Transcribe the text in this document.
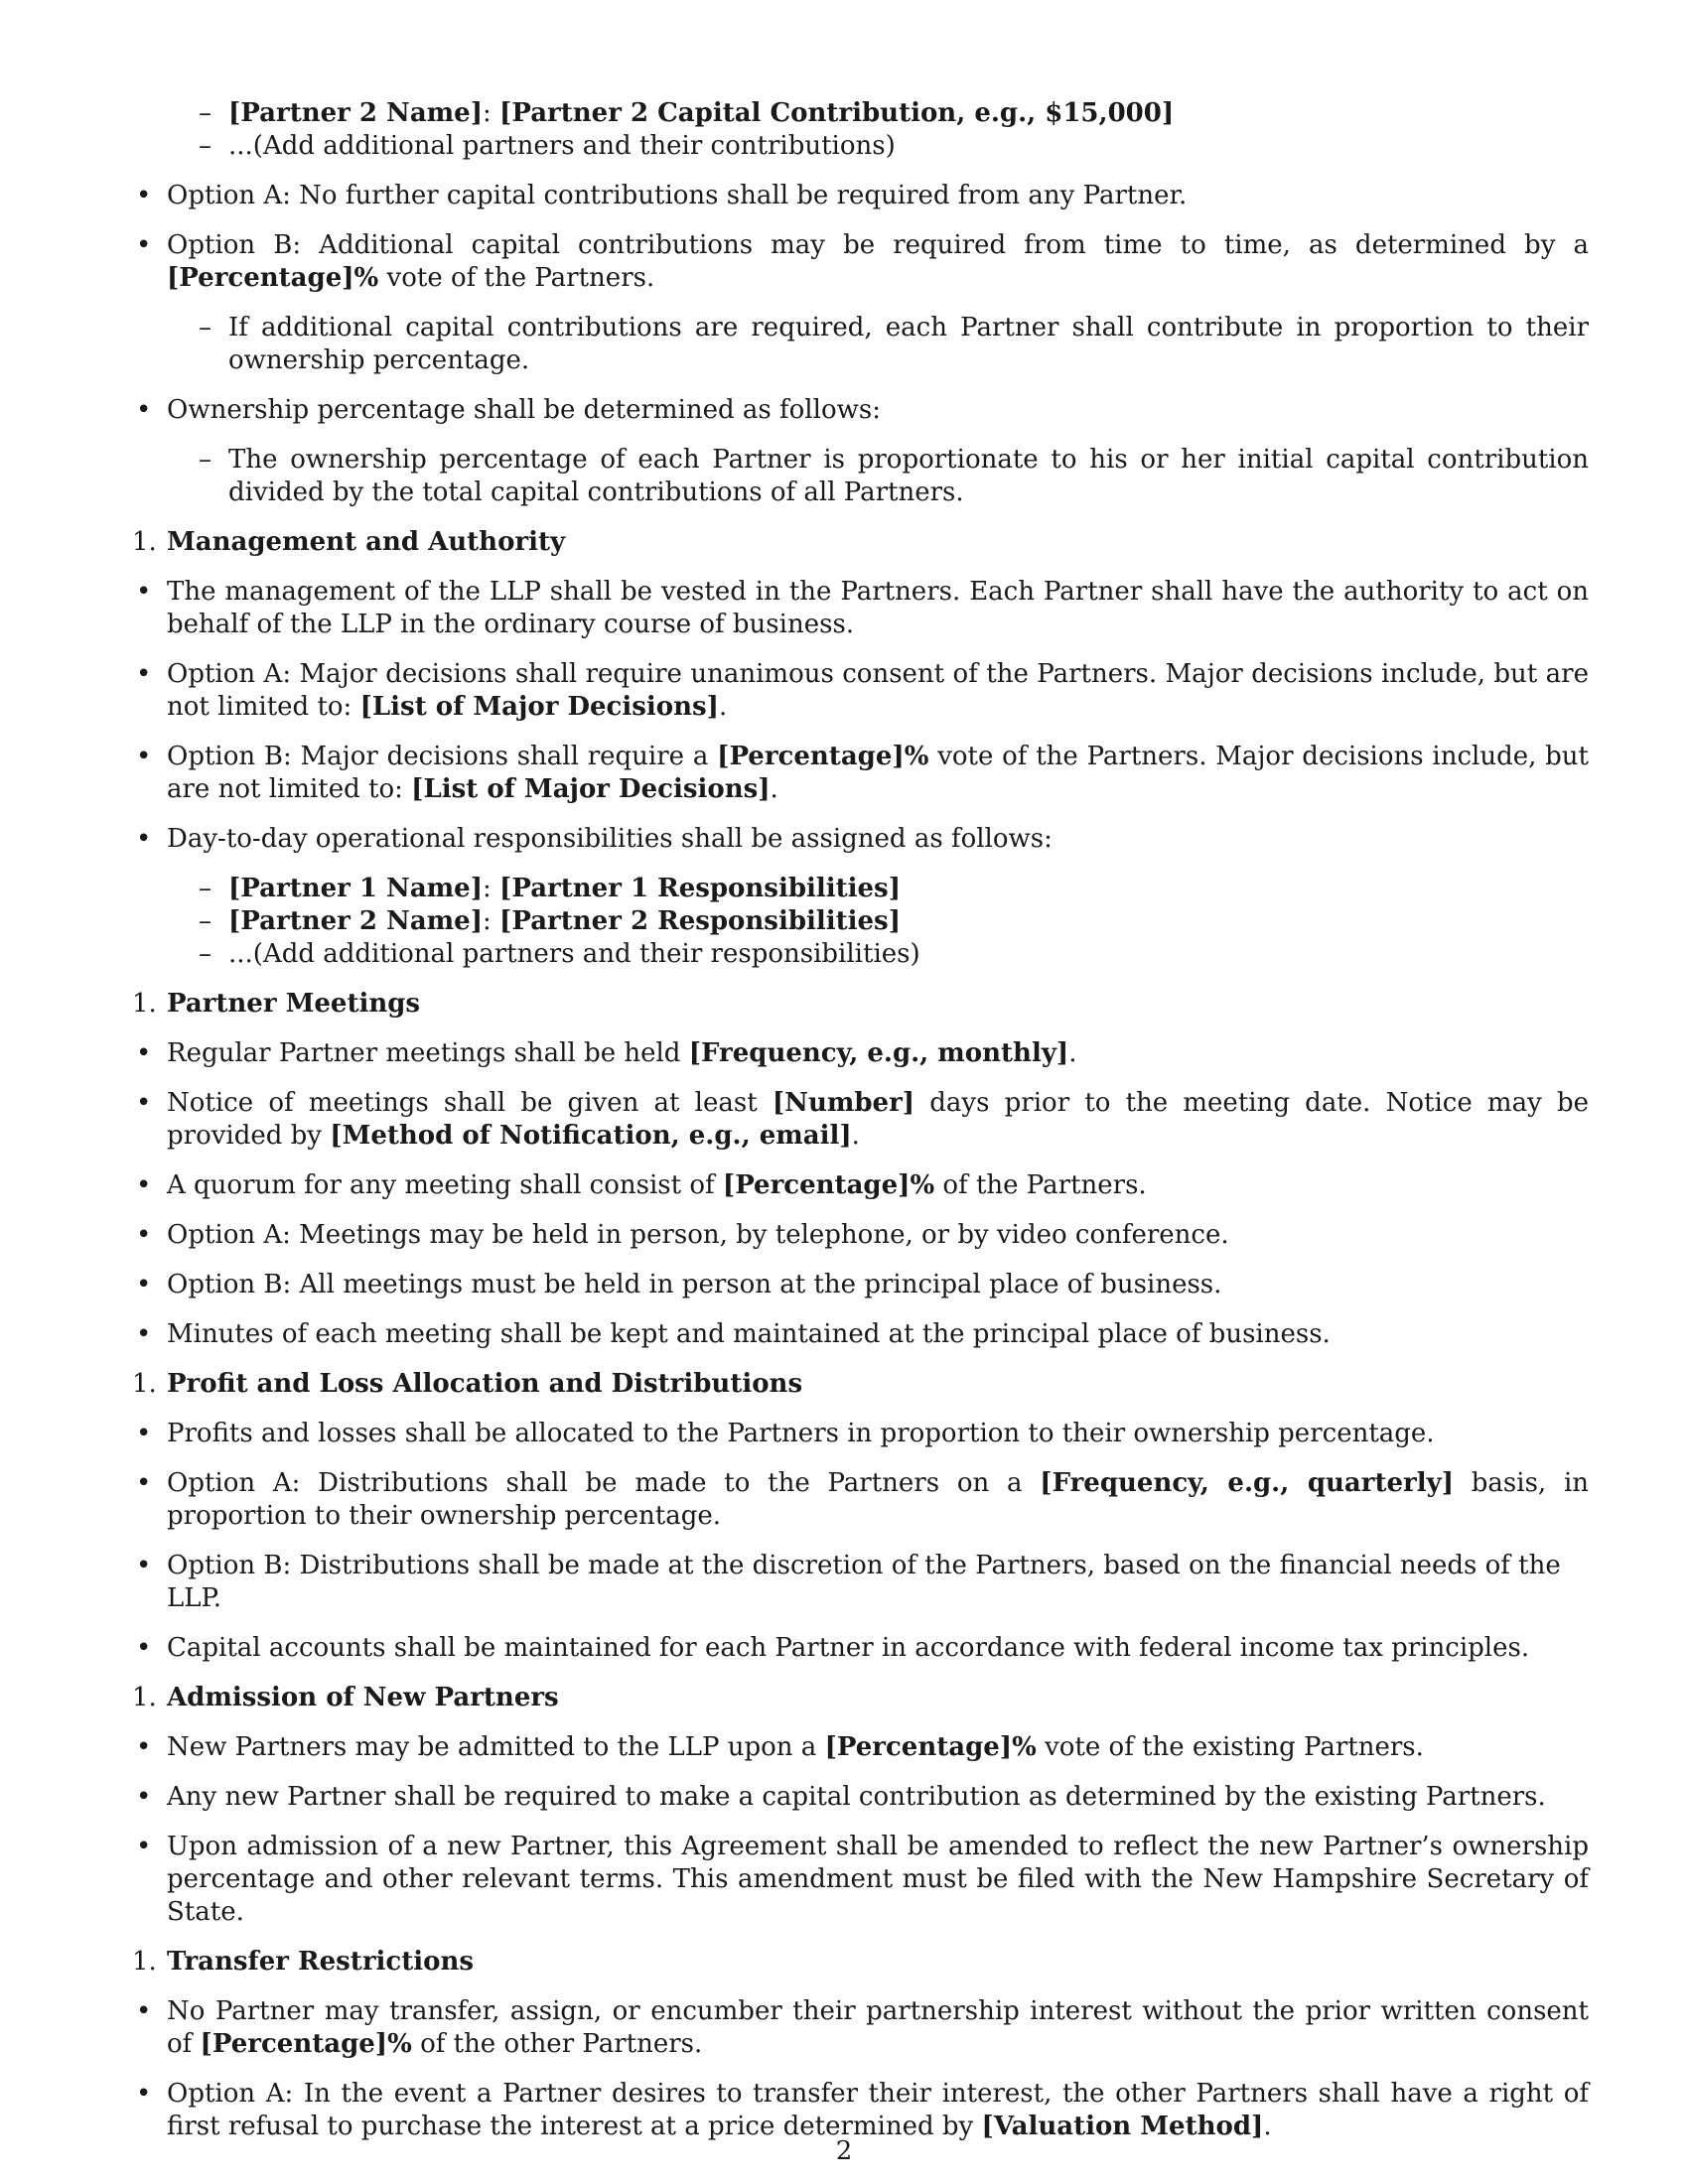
– [Partner 2 Name]: [Partner 2 Capital Contribution, e.g., $15,000]
– ...(Add additional partners and their contributions)
• Option A: No further capital contributions shall be required from any Partner.
• Option B: Additional capital contributions may be required from time to time, as determined by a [Percentage]% vote of the Partners.
– If additional capital contributions are required, each Partner shall contribute in proportion to their ownership percentage.
• Ownership percentage shall be determined as follows:
– The ownership percentage of each Partner is proportionate to his or her initial capital contribution divided by the total capital contributions of all Partners.
1. Management and Authority
• The management of the LLP shall be vested in the Partners. Each Partner shall have the authority to act on behalf of the LLP in the ordinary course of business.
• Option A: Major decisions shall require unanimous consent of the Partners. Major decisions include, but are not limited to: [List of Major Decisions].
• Option B: Major decisions shall require a [Percentage]% vote of the Partners. Major decisions include, but are not limited to: [List of Major Decisions].
• Day-to-day operational responsibilities shall be assigned as follows:
– [Partner 1 Name]: [Partner 1 Responsibilities]
– [Partner 2 Name]: [Partner 2 Responsibilities]
– ...(Add additional partners and their responsibilities)
1. Partner Meetings
• Regular Partner meetings shall be held [Frequency, e.g., monthly].
• Notice of meetings shall be given at least [Number] days prior to the meeting date. Notice may be provided by [Method of Notification, e.g., email].
• A quorum for any meeting shall consist of [Percentage]% of the Partners.
• Option A: Meetings may be held in person, by telephone, or by video conference.
• Option B: All meetings must be held in person at the principal place of business.
• Minutes of each meeting shall be kept and maintained at the principal place of business.
1. Profit and Loss Allocation and Distributions
• Profits and losses shall be allocated to the Partners in proportion to their ownership percentage.
• Option A: Distributions shall be made to the Partners on a [Frequency, e.g., quarterly] basis, in proportion to their ownership percentage.
• Option B: Distributions shall be made at the discretion of the Partners, based on the financial needs of the LLP.
• Capital accounts shall be maintained for each Partner in accordance with federal income tax principles.
1. Admission of New Partners
• New Partners may be admitted to the LLP upon a [Percentage]% vote of the existing Partners.
• Any new Partner shall be required to make a capital contribution as determined by the existing Partners.
• Upon admission of a new Partner, this Agreement shall be amended to reflect the new Partner’s ownership percentage and other relevant terms. This amendment must be filed with the New Hampshire Secretary of State.
1. Transfer Restrictions
• No Partner may transfer, assign, or encumber their partnership interest without the prior written consent of [Percentage]% of the other Partners.
• Option A: In the event a Partner desires to transfer their interest, the other Partners shall have a right of first refusal to purchase the interest at a price determined by [Valuation Method].
2
